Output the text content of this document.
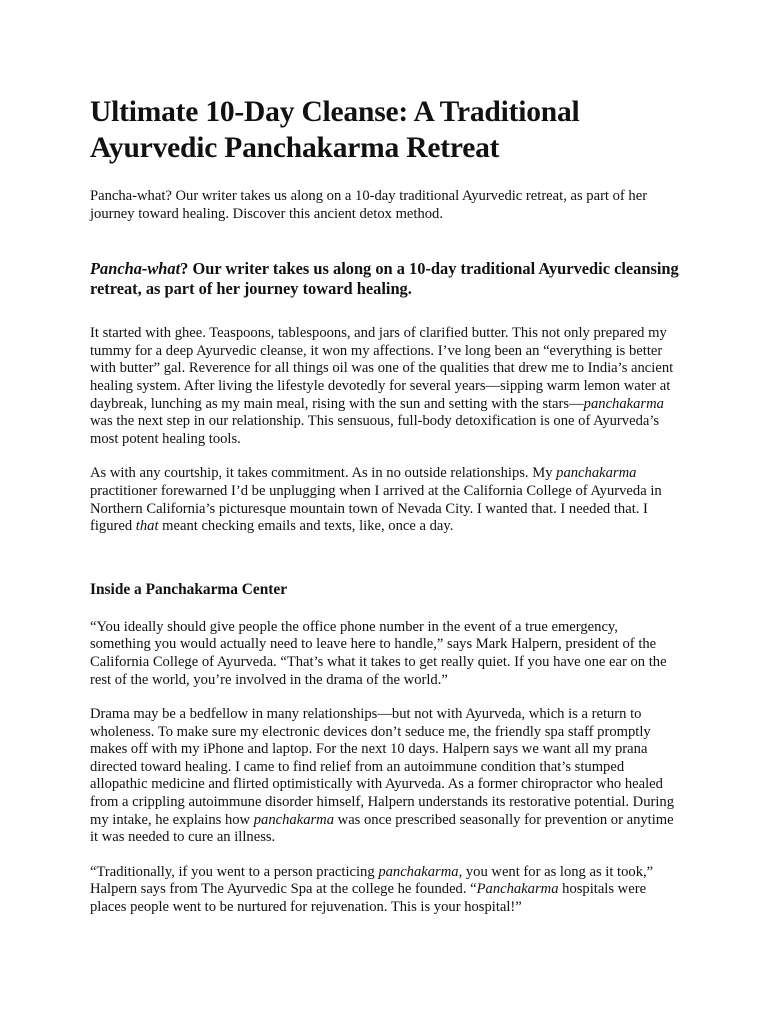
Ultimate 10-Day Cleanse: A Traditional Ayurvedic Panchakarma Retreat

Pancha-what? Our writer takes us along on a 10-day traditional Ayurvedic retreat, as part of her journey toward healing. Discover this ancient detox method.

Pancha-what? Our writer takes us along on a 10-day traditional Ayurvedic cleansing retreat, as part of her journey toward healing.

It started with ghee. Teaspoons, tablespoons, and jars of clarified butter. This not only prepared my tummy for a deep Ayurvedic cleanse, it won my affections. I’ve long been an “everything is better with butter” gal. Reverence for all things oil was one of the qualities that drew me to India’s ancient healing system. After living the lifestyle devotedly for several years—sipping warm lemon water at daybreak, lunching as my main meal, rising with the sun and setting with the stars—panchakarma was the next step in our relationship. This sensuous, full-body detoxification is one of Ayurveda’s most potent healing tools.

As with any courtship, it takes commitment. As in no outside relationships. My panchakarma practitioner forewarned I’d be unplugging when I arrived at the California College of Ayurveda in Northern California’s picturesque mountain town of Nevada City. I wanted that. I needed that. I figured that meant checking emails and texts, like, once a day.

Inside a Panchakarma Center

“You ideally should give people the office phone number in the event of a true emergency, something you would actually need to leave here to handle,” says Mark Halpern, president of the California College of Ayurveda. “That’s what it takes to get really quiet. If you have one ear on the rest of the world, you’re involved in the drama of the world.”

Drama may be a bedfellow in many relationships—but not with Ayurveda, which is a return to wholeness. To make sure my electronic devices don’t seduce me, the friendly spa staff promptly makes off with my iPhone and laptop. For the next 10 days. Halpern says we want all my prana directed toward healing. I came to find relief from an autoimmune condition that’s stumped allopathic medicine and flirted optimistically with Ayurveda. As a former chiropractor who healed from a crippling autoimmune disorder himself, Halpern understands its restorative potential. During my intake, he explains how panchakarma was once prescribed seasonally for prevention or anytime it was needed to cure an illness.

“Traditionally, if you went to a person practicing panchakarma, you went for as long as it took,” Halpern says from The Ayurvedic Spa at the college he founded. “Panchakarma hospitals were places people went to be nurtured for rejuvenation. This is your hospital!”
